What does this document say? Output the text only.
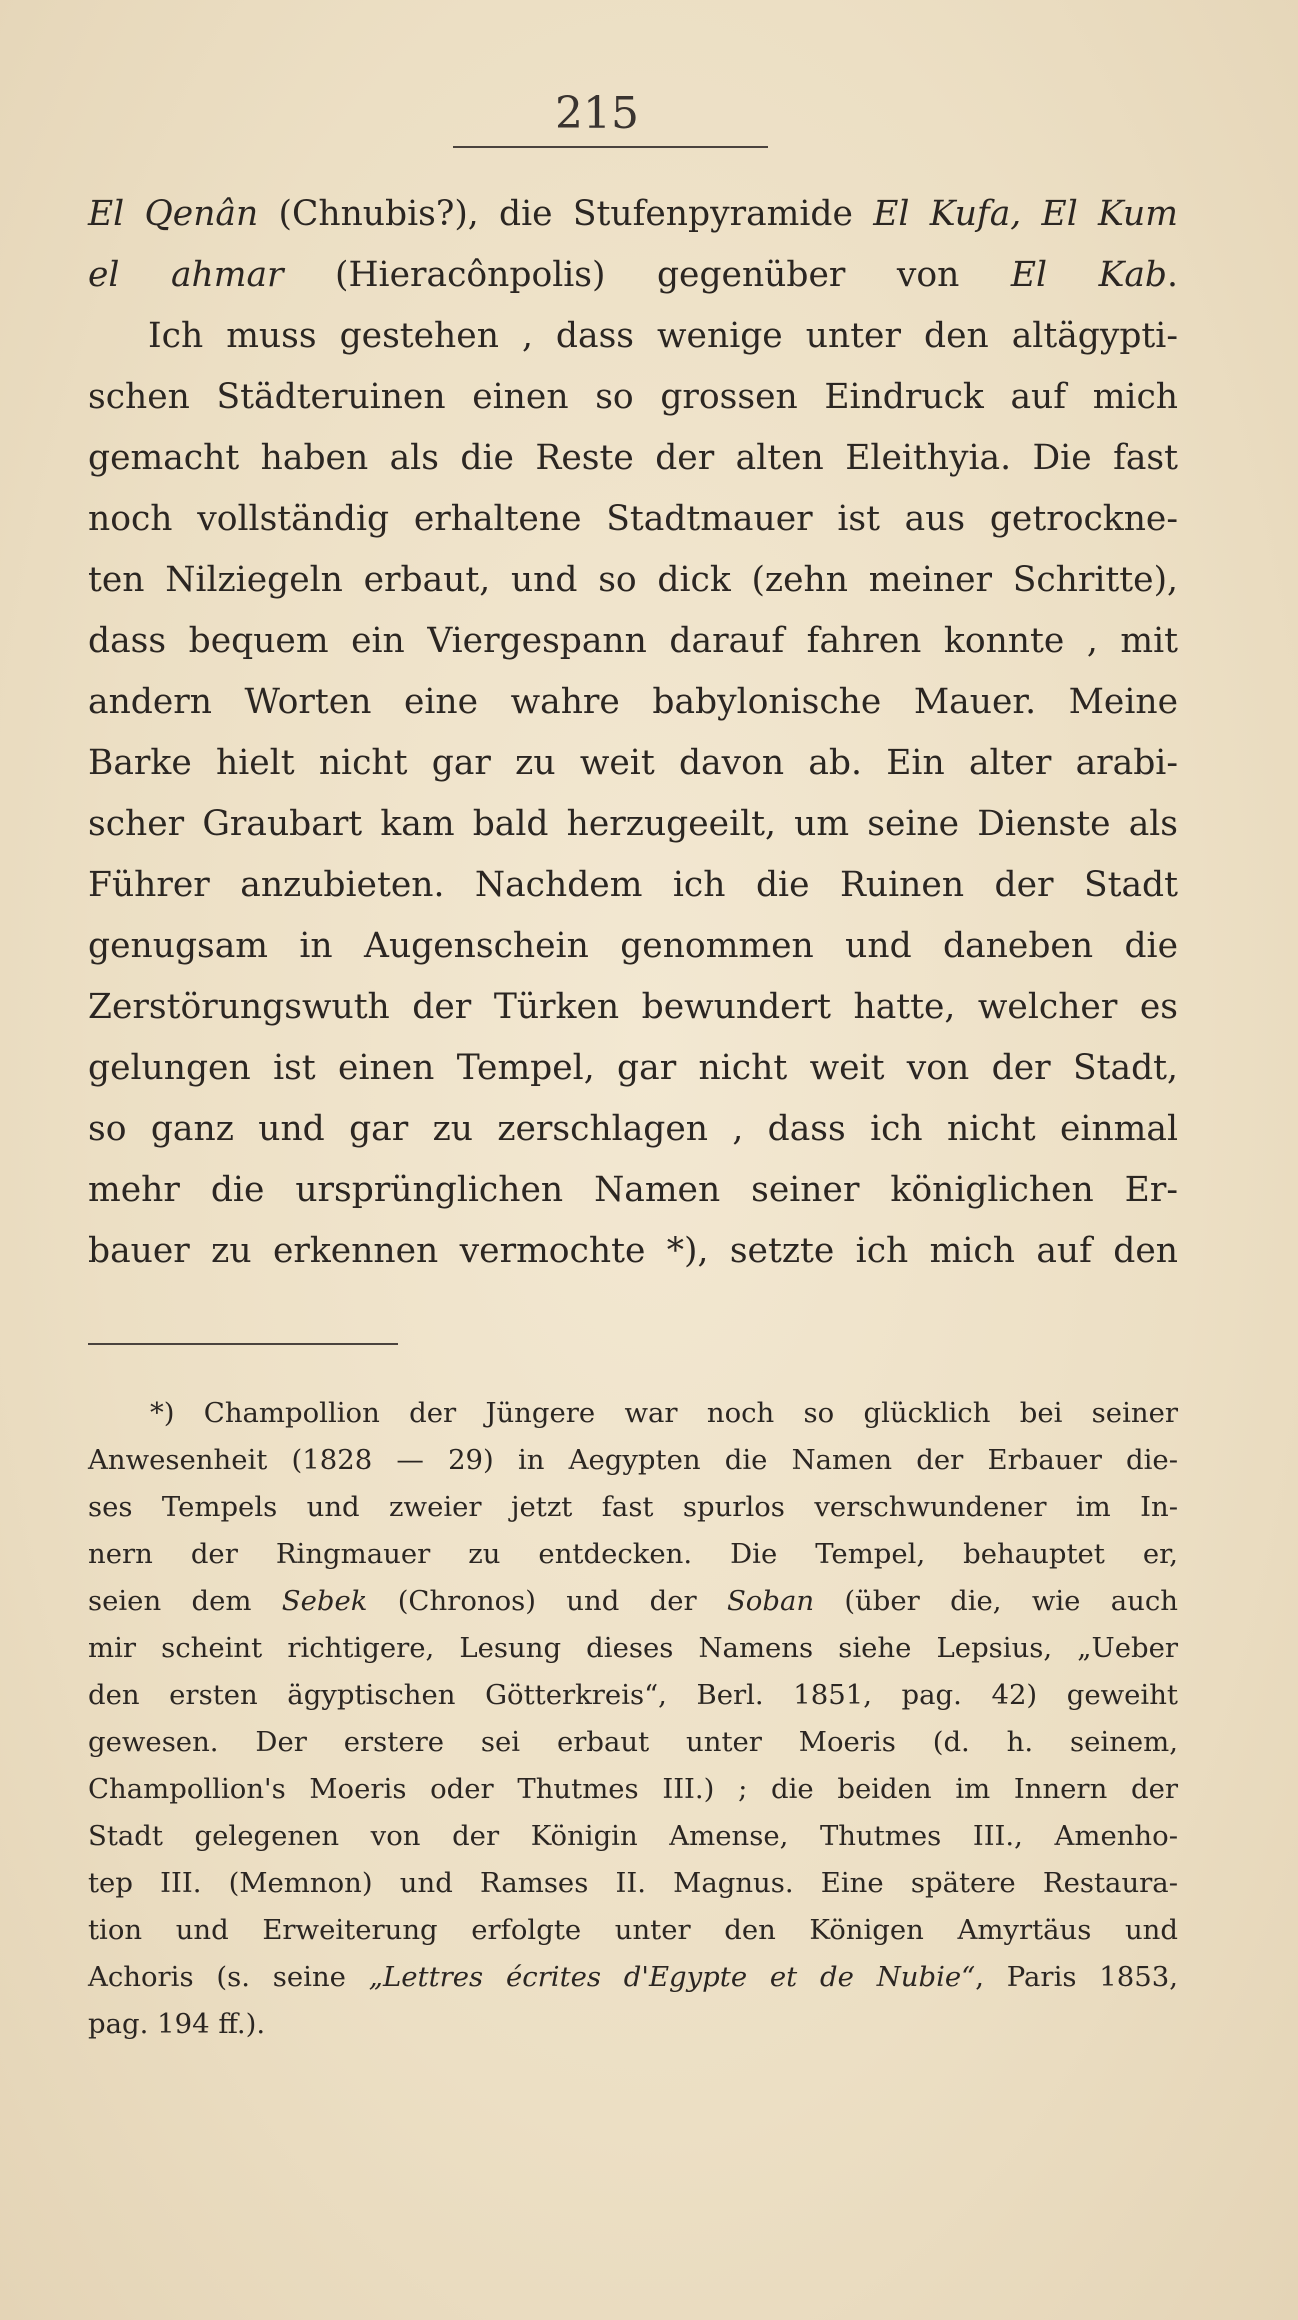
215
El Qenân (Chnubis?), die Stufenpyramide El Kufa, El Kum
el ahmar (Hieracônpolis) gegenüber von El Kab.
Ich muss gestehen , dass wenige unter den altägypti-
schen Städteruinen einen so grossen Eindruck auf mich
gemacht haben als die Reste der alten Eleithyia. Die fast
noch vollständig erhaltene Stadtmauer ist aus getrockne-
ten Nilziegeln erbaut, und so dick (zehn meiner Schritte),
dass bequem ein Viergespann darauf fahren konnte , mit
andern Worten eine wahre babylonische Mauer. Meine
Barke hielt nicht gar zu weit davon ab. Ein alter arabi-
scher Graubart kam bald herzugeeilt, um seine Dienste als
Führer anzubieten. Nachdem ich die Ruinen der Stadt
genugsam in Augenschein genommen und daneben die
Zerstörungswuth der Türken bewundert hatte, welcher es
gelungen ist einen Tempel, gar nicht weit von der Stadt,
so ganz und gar zu zerschlagen , dass ich nicht einmal
mehr die ursprünglichen Namen seiner königlichen Er-
bauer zu erkennen vermochte *), setzte ich mich auf den
*) Champollion der Jüngere war noch so glücklich bei seiner
Anwesenheit (1828 — 29) in Aegypten die Namen der Erbauer die-
ses Tempels und zweier jetzt fast spurlos verschwundener im In-
nern der Ringmauer zu entdecken. Die Tempel, behauptet er,
seien dem Sebek (Chronos) und der Soban (über die, wie auch
mir scheint richtigere, Lesung dieses Namens siehe Lepsius, „Ueber
den ersten ägyptischen Götterkreis“, Berl. 1851, pag. 42) geweiht
gewesen. Der erstere sei erbaut unter Moeris (d. h. seinem,
Champollion's Moeris oder Thutmes III.) ; die beiden im Innern der
Stadt gelegenen von der Königin Amense, Thutmes III., Amenho-
tep III. (Memnon) und Ramses II. Magnus. Eine spätere Restaura-
tion und Erweiterung erfolgte unter den Königen Amyrtäus und
Achoris (s. seine „Lettres écrites d'Egypte et de Nubie“, Paris 1853,
pag. 194 ff.).
